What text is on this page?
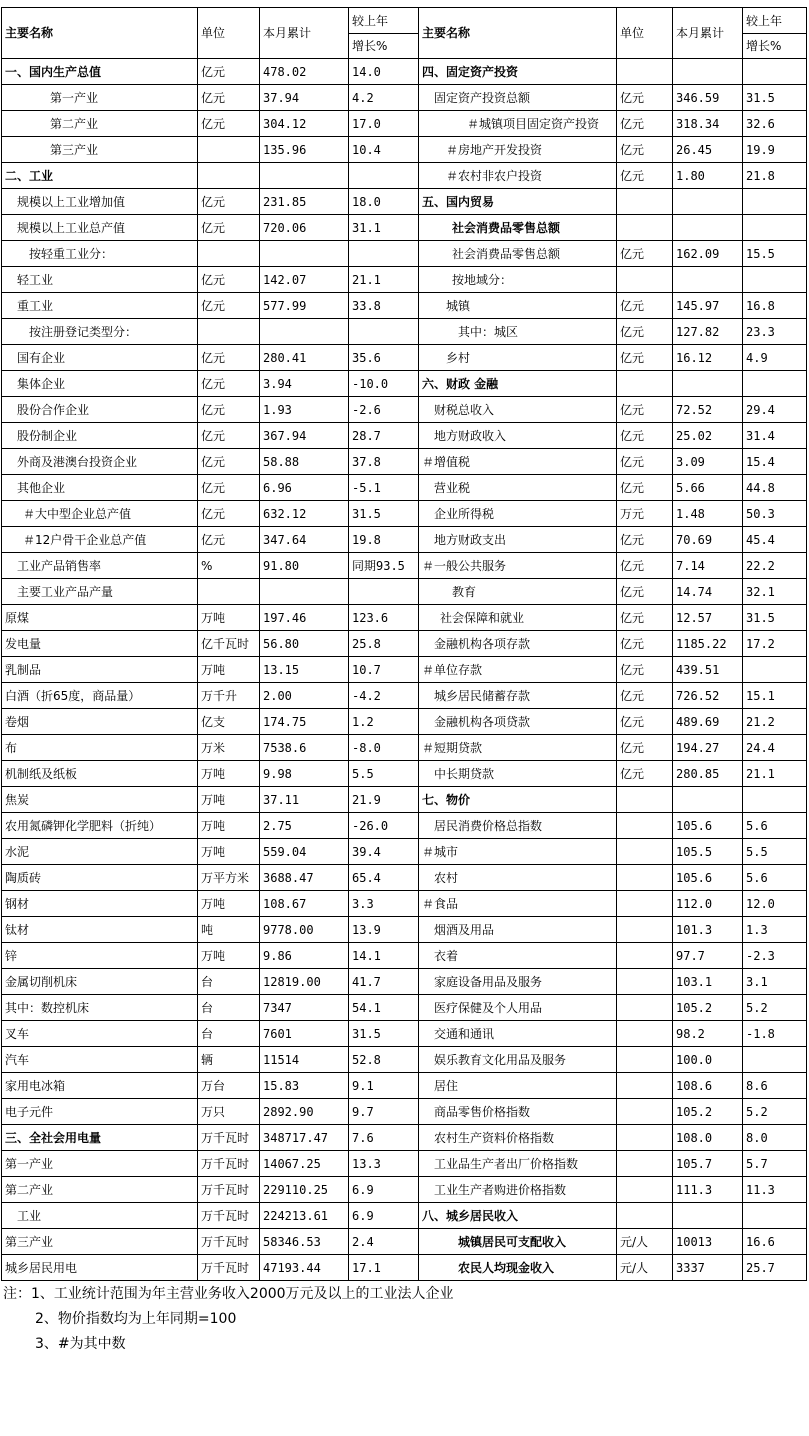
主要名称	单位	本月累计	较上年	主要名称	单位	本月累计	较上年
			增长%				增长%
一、国内生产总值	亿元	478.02	14.0	四、固定资产投资			
第一产业	亿元	37.94	4.2	固定资产投资总额	亿元	346.59	31.5
第二产业	亿元	304.12	17.0	＃城镇项目固定资产投资	亿元	318.34	32.6
第三产业		135.96	10.4	＃房地产开发投资	亿元	26.45	19.9
二、工业				＃农村非农户投资	亿元	1.80	21.8
规模以上工业增加值	亿元	231.85	18.0	五、国内贸易			
规模以上工业总产值	亿元	720.06	31.1	社会消费品零售总额			
按轻重工业分：				社会消费品零售总额	亿元	162.09	15.5
轻工业	亿元	142.07	21.1	按地域分：			
重工业	亿元	577.99	33.8	城镇	亿元	145.97	16.8
按注册登记类型分：				其中：城区	亿元	127.82	23.3
国有企业	亿元	280.41	35.6	乡村	亿元	16.12	4.9
集体企业	亿元	3.94	-10.0	六、财政 金融			
股份合作企业	亿元	1.93	-2.6	财税总收入	亿元	72.52	29.4
股份制企业	亿元	367.94	28.7	地方财政收入	亿元	25.02	31.4
外商及港澳台投资企业	亿元	58.88	37.8	＃增值税	亿元	3.09	15.4
其他企业	亿元	6.96	-5.1	营业税	亿元	5.66	44.8
＃大中型企业总产值	亿元	632.12	31.5	企业所得税	万元	1.48	50.3
＃12户骨干企业总产值	亿元	347.64	19.8	地方财政支出	亿元	70.69	45.4
工业产品销售率	%	91.80	同期93.5	＃一般公共服务	亿元	7.14	22.2
主要工业产品产量				教育	亿元	14.74	32.1
原煤	万吨	197.46	123.6	社会保障和就业	亿元	12.57	31.5
发电量	亿千瓦时	56.80	25.8	金融机构各项存款	亿元	1185.22	17.2
乳制品	万吨	13.15	10.7	＃单位存款	亿元	439.51	
白酒（折65度，商品量）	万千升	2.00	-4.2	城乡居民储蓄存款	亿元	726.52	15.1
卷烟	亿支	174.75	1.2	金融机构各项贷款	亿元	489.69	21.2
布	万米	7538.6	-8.0	＃短期贷款	亿元	194.27	24.4
机制纸及纸板	万吨	9.98	5.5	中长期贷款	亿元	280.85	21.1
焦炭	万吨	37.11	21.9	七、物价			
农用氮磷钾化学肥料（折纯）	万吨	2.75	-26.0	居民消费价格总指数		105.6	5.6
水泥	万吨	559.04	39.4	＃城市		105.5	5.5
陶质砖	万平方米	3688.47	65.4	农村		105.6	5.6
钢材	万吨	108.67	3.3	＃食品		112.0	12.0
钛材	吨	9778.00	13.9	烟酒及用品		101.3	1.3
锌	万吨	9.86	14.1	衣着		97.7	-2.3
金属切削机床	台	12819.00	41.7	家庭设备用品及服务		103.1	3.1
其中：数控机床	台	7347	54.1	医疗保健及个人用品		105.2	5.2
叉车	台	7601	31.5	交通和通讯		98.2	-1.8
汽车	辆	11514	52.8	娱乐教育文化用品及服务		100.0	
家用电冰箱	万台	15.83	9.1	居住		108.6	8.6
电子元件	万只	2892.90	9.7	商品零售价格指数		105.2	5.2
三、全社会用电量	万千瓦时	348717.47	7.6	农村生产资料价格指数		108.0	8.0
第一产业	万千瓦时	14067.25	13.3	工业品生产者出厂价格指数		105.7	5.7
第二产业	万千瓦时	229110.25	6.9	工业生产者购进价格指数		111.3	11.3
工业	万千瓦时	224213.61	6.9	八、城乡居民收入			
第三产业	万千瓦时	58346.53	2.4	城镇居民可支配收入	元/人	10013	16.6
城乡居民用电	万千瓦时	47193.44	17.1	农民人均现金收入	元/人	3337	25.7
注：1、工业统计范围为年主营业务收入2000万元及以上的工业法人企业
2、物价指数均为上年同期=100
3、#为其中数
